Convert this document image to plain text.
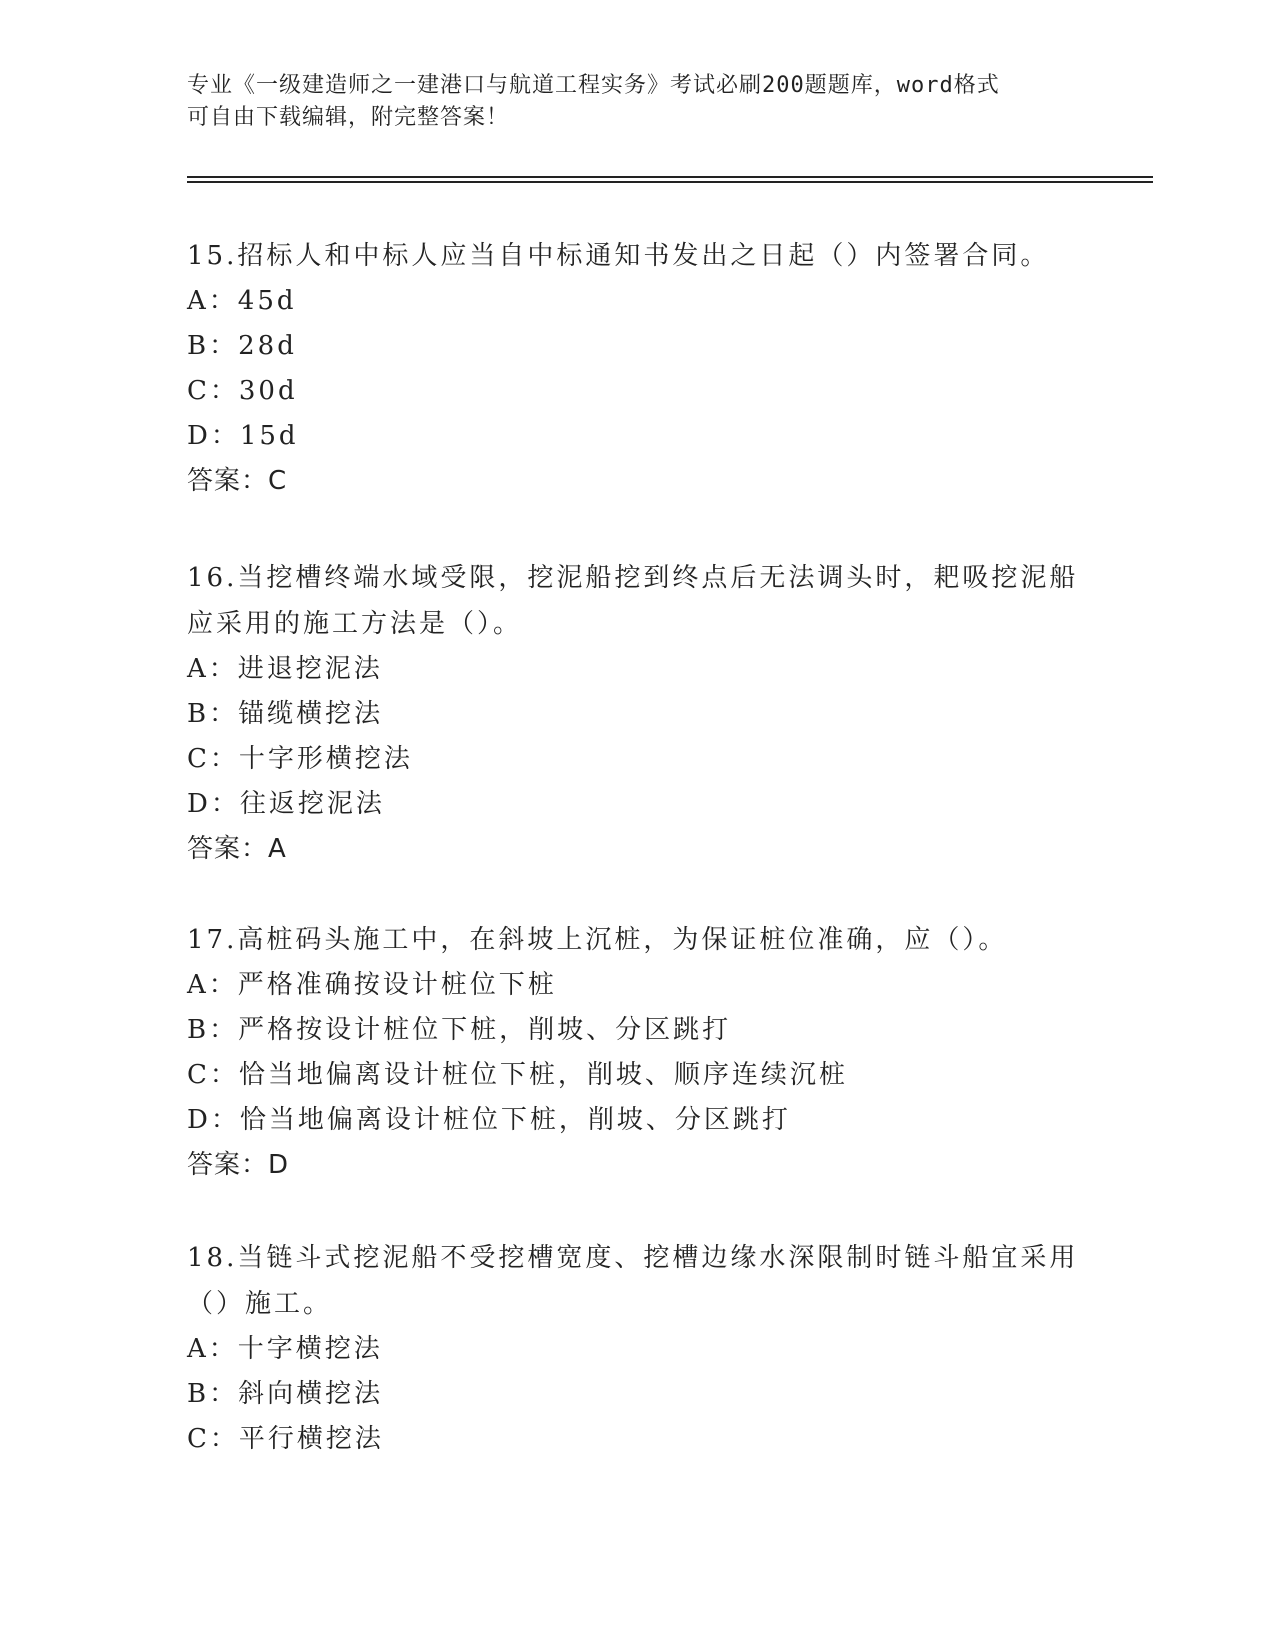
专业《一级建造师之一建港口与航道工程实务》考试必刷200题题库，word格式
可自由下载编辑，附完整答案！
15.招标人和中标人应当自中标通知书发出之日起（）内签署合同。
A：45d
B：28d
C：30d
D：15d
答案：C
16.当挖槽终端水域受限，挖泥船挖到终点后无法调头时，耙吸挖泥船
应采用的施工方法是（）。
A：进退挖泥法
B：锚缆横挖法
C：十字形横挖法
D：往返挖泥法
答案：A
17.高桩码头施工中，在斜坡上沉桩，为保证桩位准确，应（）。
A：严格准确按设计桩位下桩
B：严格按设计桩位下桩，削坡、分区跳打
C：恰当地偏离设计桩位下桩，削坡、顺序连续沉桩
D：恰当地偏离设计桩位下桩，削坡、分区跳打
答案：D
18.当链斗式挖泥船不受挖槽宽度、挖槽边缘水深限制时链斗船宜采用
（）施工。
A：十字横挖法
B：斜向横挖法
C：平行横挖法
